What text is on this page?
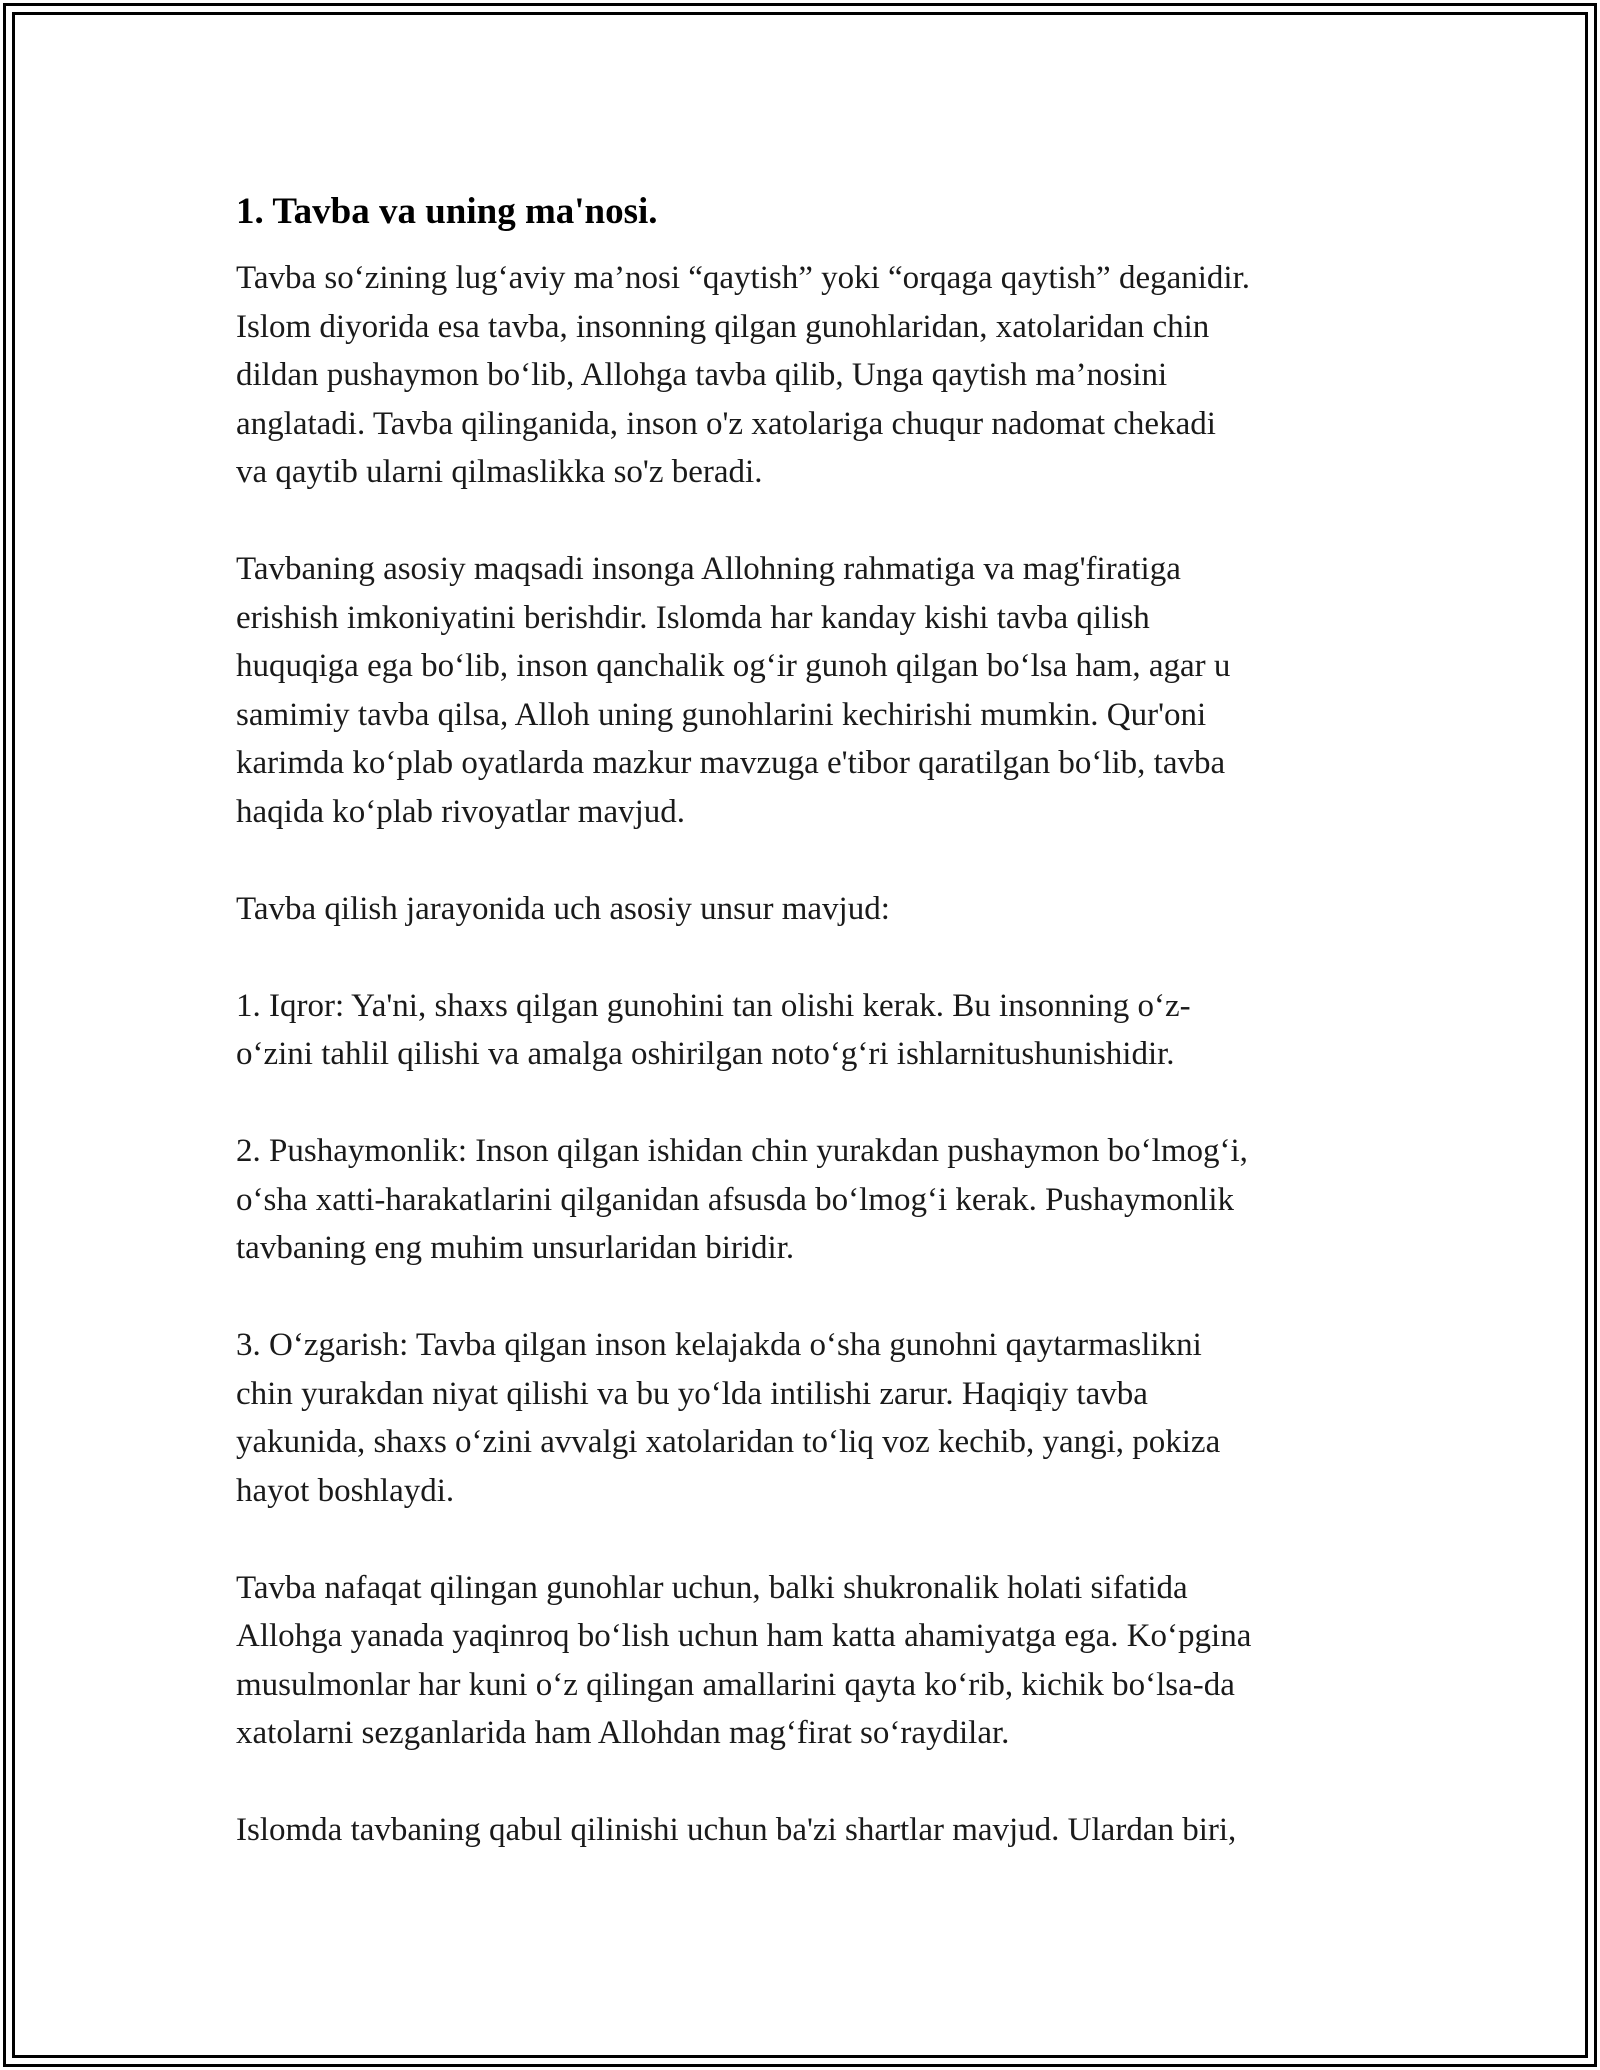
1. Tavba va uning ma'nosi.
Tavba so‘zining lug‘aviy ma’nosi “qaytish” yoki “orqaga qaytish” deganidir.
Islom diyorida esa tavba, insonning qilgan gunohlaridan, xatolaridan chin
dildan pushaymon bo‘lib, Allohga tavba qilib, Unga qaytish ma’nosini
anglatadi. Tavba qilinganida, inson o'z xatolariga chuqur nadomat chekadi
va qaytib ularni qilmaslikka so'z beradi.
Tavbaning asosiy maqsadi insonga Allohning rahmatiga va mag'firatiga
erishish imkoniyatini berishdir. Islomda har kanday kishi tavba qilish
huquqiga ega bo‘lib, inson qanchalik og‘ir gunoh qilgan bo‘lsa ham, agar u
samimiy tavba qilsa, Alloh uning gunohlarini kechirishi mumkin. Qur'oni
karimda ko‘plab oyatlarda mazkur mavzuga e'tibor qaratilgan bo‘lib, tavba
haqida ko‘plab rivoyatlar mavjud.
Tavba qilish jarayonida uch asosiy unsur mavjud:
1. Iqror: Ya'ni, shaxs qilgan gunohini tan olishi kerak. Bu insonning o‘z-
o‘zini tahlil qilishi va amalga oshirilgan noto‘g‘ri ishlarnitushunishidir.
2. Pushaymonlik: Inson qilgan ishidan chin yurakdan pushaymon bo‘lmog‘i,
o‘sha xatti-harakatlarini qilganidan afsusda bo‘lmog‘i kerak. Pushaymonlik
tavbaning eng muhim unsurlaridan biridir.
3. O‘zgarish: Tavba qilgan inson kelajakda o‘sha gunohni qaytarmaslikni
chin yurakdan niyat qilishi va bu yo‘lda intilishi zarur. Haqiqiy tavba
yakunida, shaxs o‘zini avvalgi xatolaridan to‘liq voz kechib, yangi, pokiza
hayot boshlaydi.
Tavba nafaqat qilingan gunohlar uchun, balki shukronalik holati sifatida
Allohga yanada yaqinroq bo‘lish uchun ham katta ahamiyatga ega. Ko‘pgina
musulmonlar har kuni o‘z qilingan amallarini qayta ko‘rib, kichik bo‘lsa-da
xatolarni sezganlarida ham Allohdan mag‘firat so‘raydilar.
Islomda tavbaning qabul qilinishi uchun ba'zi shartlar mavjud. Ulardan biri,
